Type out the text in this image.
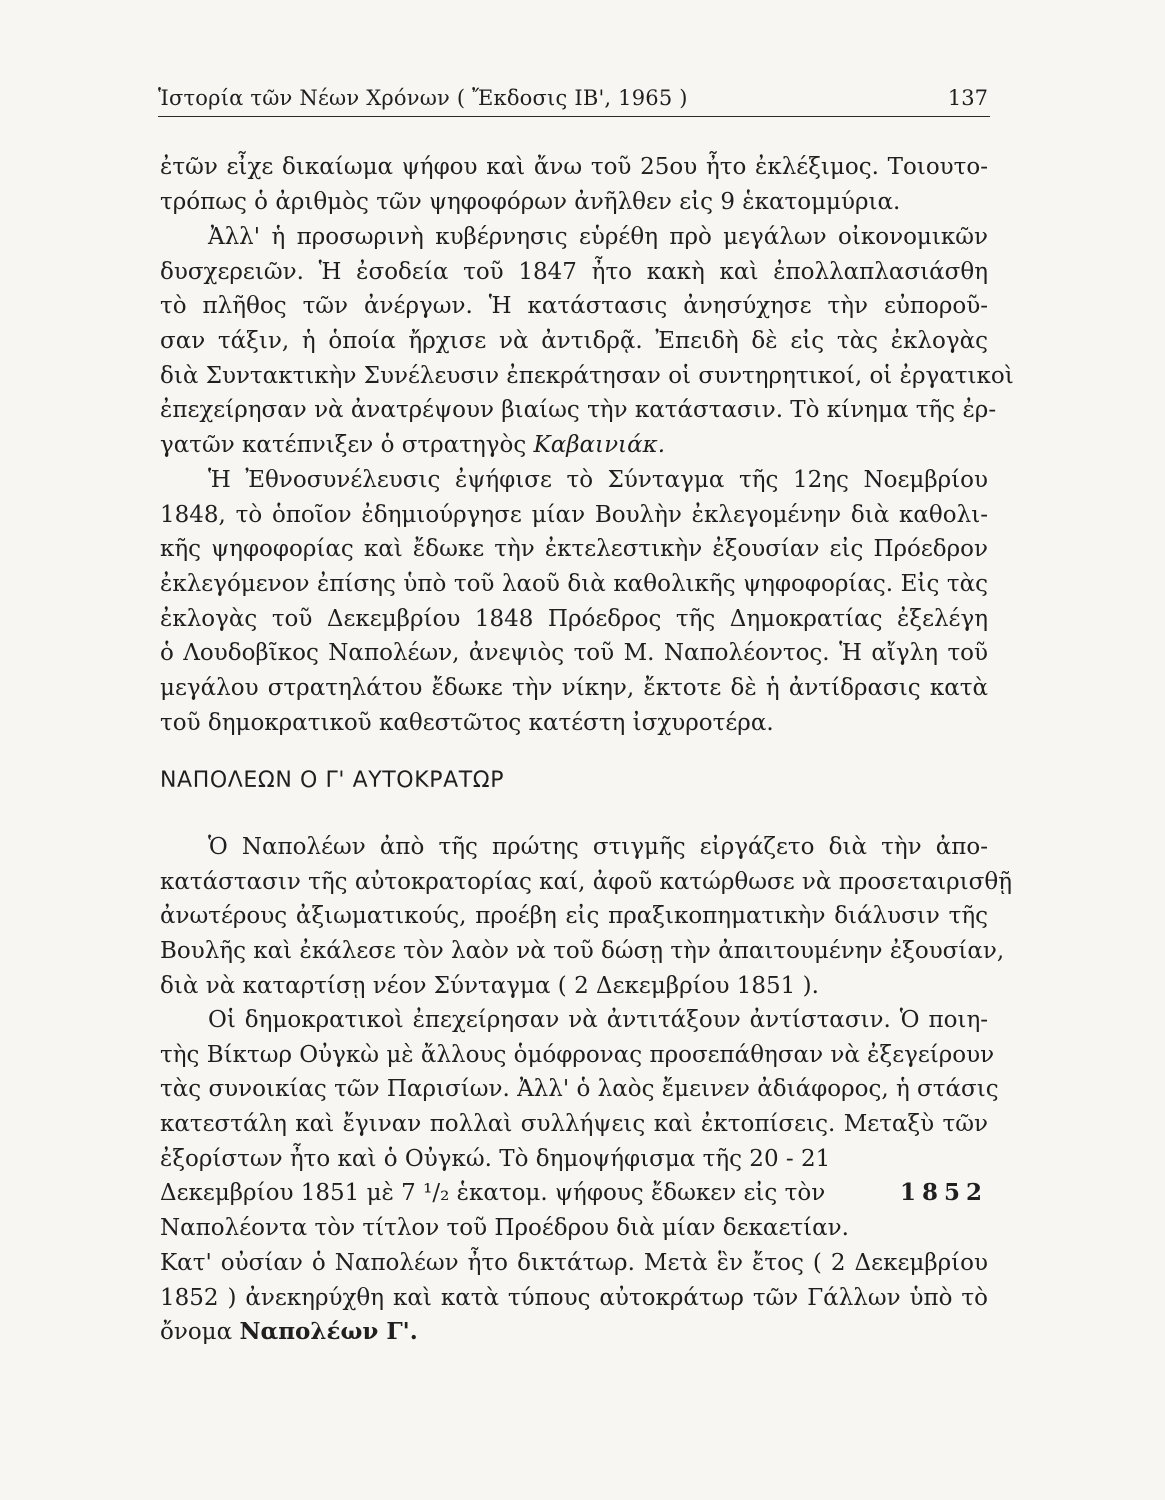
Ἱστορία τῶν Νέων Χρόνων ( Ἔκδοσις ΙΒ', 1965 )	137
ἐτῶν εἶχε δικαίωμα ψήφου καὶ ἄνω τοῦ 25ου ἦτο ἐκλέξιμος. Τοιουτο-
τρόπως ὁ ἀριθμὸς τῶν ψηφοφόρων ἀνῆλθεν εἰς 9 ἑκατομμύρια.
Ἀλλ' ἡ προσωρινὴ κυβέρνησις εὑρέθη πρὸ μεγάλων οἰκονομικῶν
δυσχερειῶν. Ἡ ἐσοδεία τοῦ 1847 ἦτο κακὴ καὶ ἐπολλαπλασιάσθη
τὸ πλῆθος τῶν ἀνέργων. Ἡ κατάστασις ἀνησύχησε τὴν εὐποροῦ-
σαν τάξιν, ἡ ὁποία ἤρχισε νὰ ἀντιδρᾷ. Ἐπειδὴ δὲ εἰς τὰς ἐκλογὰς
διὰ Συντακτικὴν Συνέλευσιν ἐπεκράτησαν οἱ συντηρητικοί, οἱ ἐργατικοὶ
ἐπεχείρησαν νὰ ἀνατρέψουν βιαίως τὴν κατάστασιν. Τὸ κίνημα τῆς ἐρ-
γατῶν κατέπνιξεν ὁ στρατηγὸς Καβαινιάκ.
Ἡ Ἐθνοσυνέλευσις ἐψήφισε τὸ Σύνταγμα τῆς 12ης Νοεμβρίου
1848, τὸ ὁποῖον ἐδημιούργησε μίαν Βουλὴν ἐκλεγομένην διὰ καθολι-
κῆς ψηφοφορίας καὶ ἔδωκε τὴν ἐκτελεστικὴν ἐξουσίαν εἰς Πρόεδρον
ἐκλεγόμενον ἐπίσης ὑπὸ τοῦ λαοῦ διὰ καθολικῆς ψηφοφορίας. Εἰς τὰς
ἐκλογὰς τοῦ Δεκεμβρίου 1848 Πρόεδρος τῆς Δημοκρατίας ἐξελέγη
ὁ Λουδοβῖκος Ναπολέων, ἀνεψιὸς τοῦ Μ. Ναπολέοντος. Ἡ αἴγλη τοῦ
μεγάλου στρατηλάτου ἔδωκε τὴν νίκην, ἔκτοτε δὲ ἡ ἀντίδρασις κατὰ
τοῦ δημοκρατικοῦ καθεστῶτος κατέστη ἰσχυροτέρα.
ΝΑΠΟΛΕΩΝ Ο Γ' ΑΥΤΟΚΡΑΤΩΡ
Ὁ Ναπολέων ἀπὸ τῆς πρώτης στιγμῆς εἰργάζετο διὰ τὴν ἀπο-
κατάστασιν τῆς αὐτοκρατορίας καί, ἀφοῦ κατώρθωσε νὰ προσεταιρισθῇ
ἀνωτέρους ἀξιωματικούς, προέβη εἰς πραξικοπηματικὴν διάλυσιν τῆς
Βουλῆς καὶ ἐκάλεσε τὸν λαὸν νὰ τοῦ δώσῃ τὴν ἀπαιτουμένην ἐξουσίαν,
διὰ νὰ καταρτίσῃ νέον Σύνταγμα ( 2 Δεκεμβρίου 1851 ).
Οἱ δημοκρατικοὶ ἐπεχείρησαν νὰ ἀντιτάξουν ἀντίστασιν. Ὁ ποιη-
τὴς Βίκτωρ Οὐγκὼ μὲ ἄλλους ὁμόφρονας προσεπάθησαν νὰ ἐξεγείρουν
τὰς συνοικίας τῶν Παρισίων. Ἀλλ' ὁ λαὸς ἔμεινεν ἀδιάφορος, ἡ στάσις
κατεστάλη καὶ ἔγιναν πολλαὶ συλλήψεις καὶ ἐκτοπίσεις. Μεταξὺ τῶν
ἐξορίστων ἦτο καὶ ὁ Οὐγκώ. Τὸ δημοψήφισμα τῆς 20 - 21
Δεκεμβρίου 1851 μὲ 7 ¹/₂ ἑκατομ. ψήφους ἔδωκεν εἰς τὸν	1852
Ναπολέοντα τὸν τίτλον τοῦ Προέδρου διὰ μίαν δεκαετίαν.
Κατ' οὐσίαν ὁ Ναπολέων ἦτο δικτάτωρ. Μετὰ ἓν ἔτος ( 2 Δεκεμβρίου
1852 ) ἀνεκηρύχθη καὶ κατὰ τύπους αὐτοκράτωρ τῶν Γάλλων ὑπὸ τὸ
ὄνομα Ναπολέων Γ'.
